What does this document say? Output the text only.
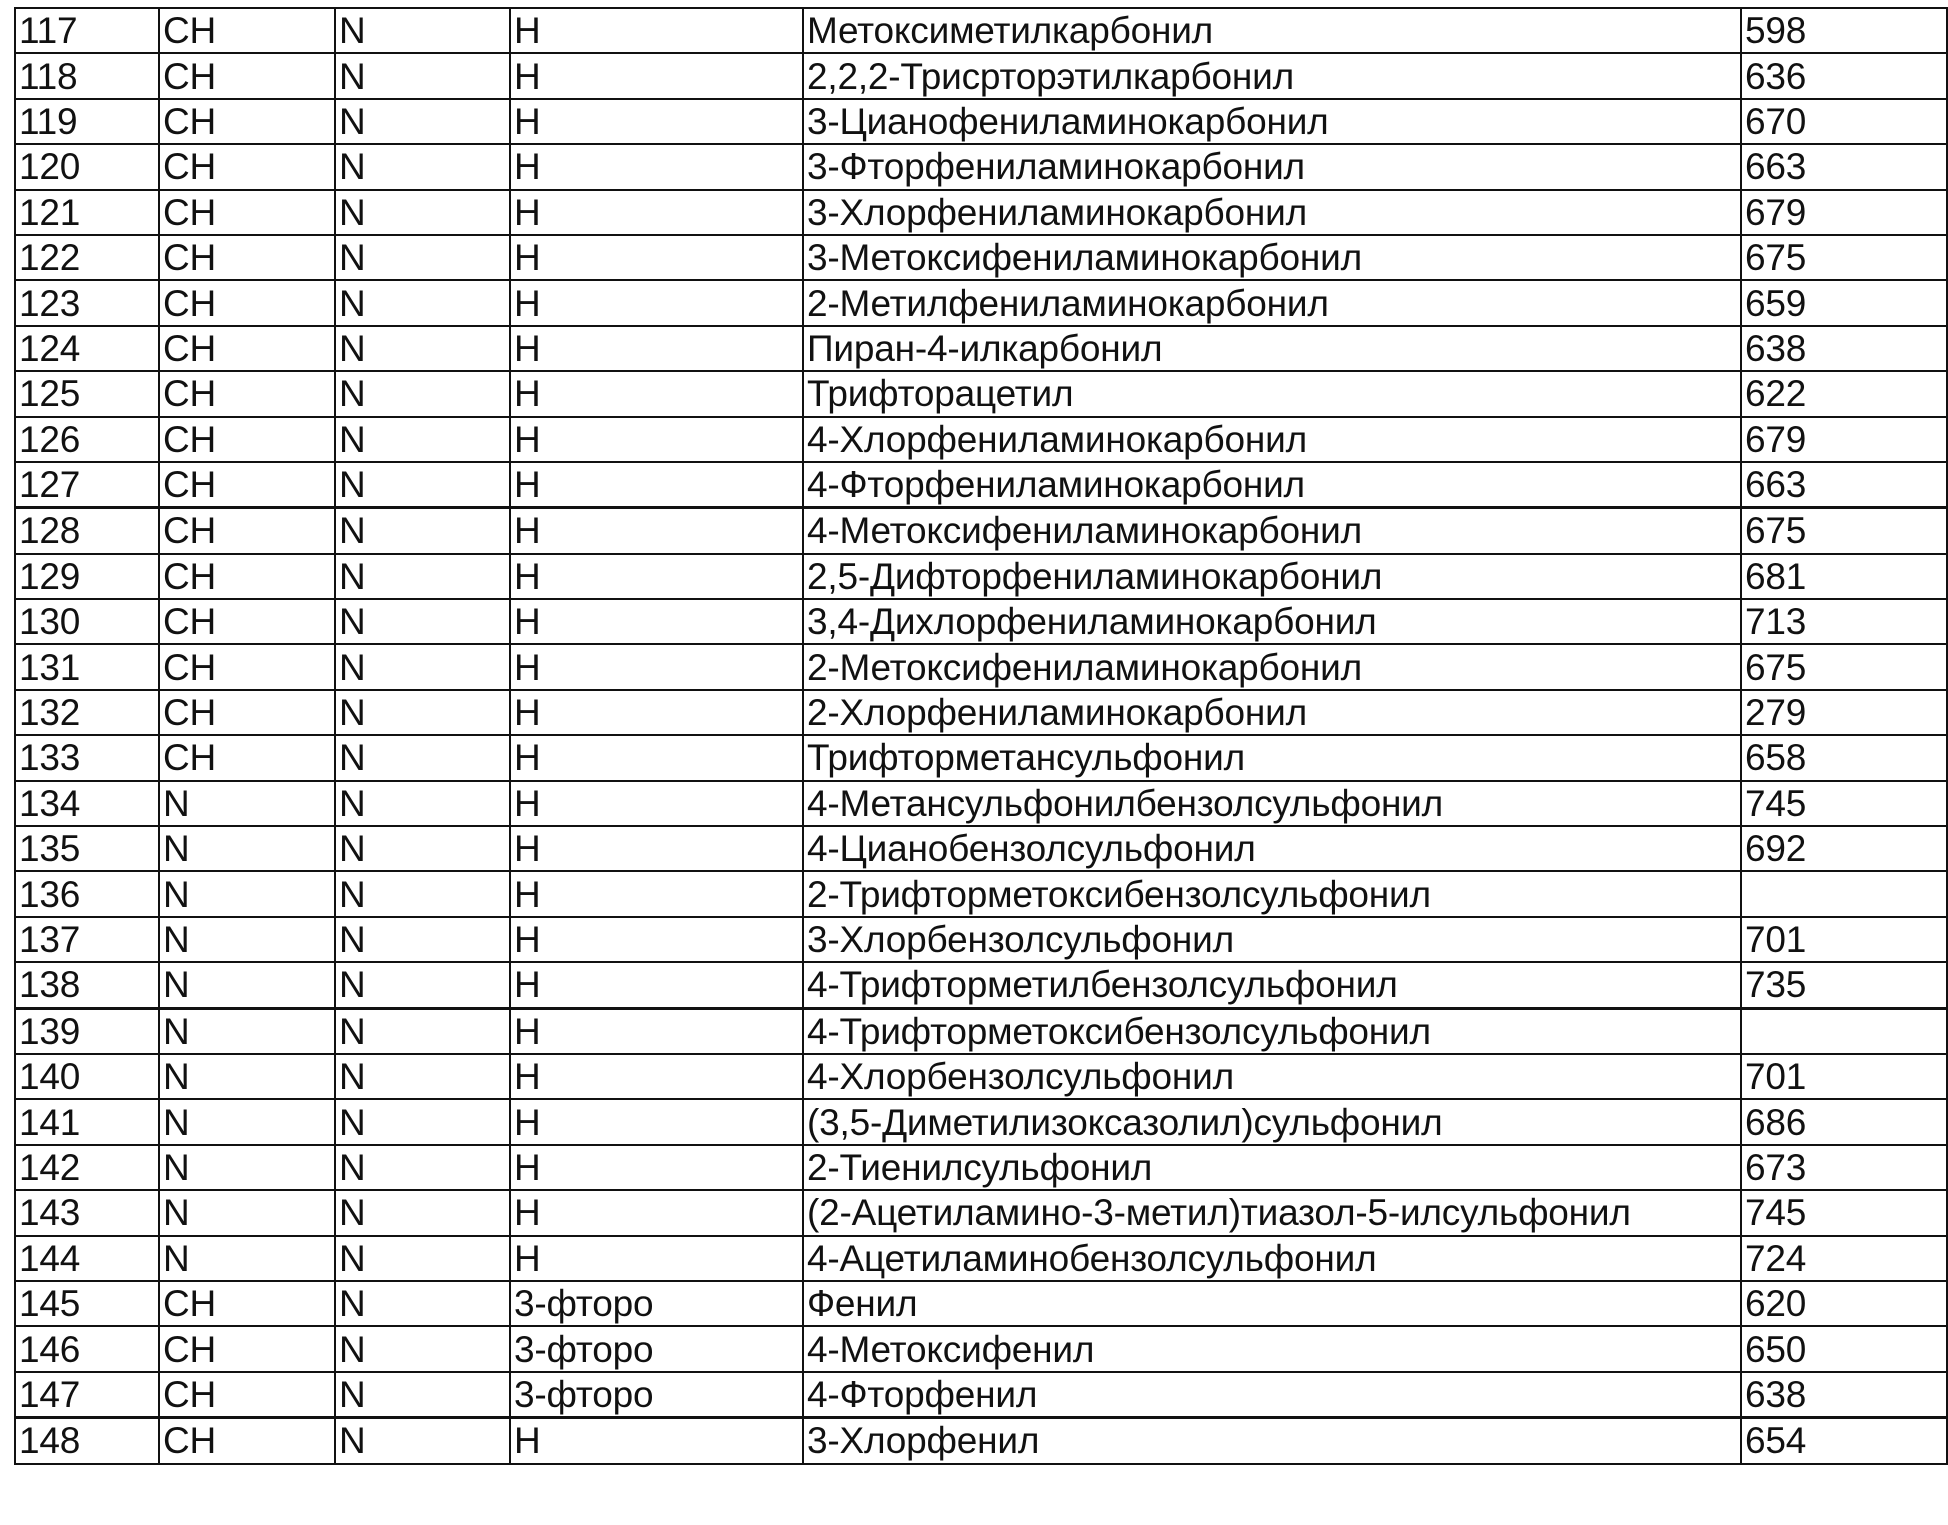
117	CH	N	H	Метоксиметилкарбонил	598
118	CH	N	H	2,2,2-Трисрторэтилкарбонил	636
119	CH	N	H	3-Цианофениламинокарбонил	670
120	CH	N	H	3-Фторфениламинокарбонил	663
121	CH	N	H	3-Хлорфениламинокарбонил	679
122	CH	N	H	3-Метоксифениламинокарбонил	675
123	CH	N	H	2-Метилфениламинокарбонил	659
124	CH	N	H	Пиран-4-илкарбонил	638
125	CH	N	H	Трифторацетил	622
126	CH	N	H	4-Хлорфениламинокарбонил	679
127	CH	N	H	4-Фторфениламинокарбонил	663
128	CH	N	H	4-Метоксифениламинокарбонил	675
129	CH	N	H	2,5-Дифторфениламинокарбонил	681
130	CH	N	H	3,4-Дихлорфениламинокарбонил	713
131	CH	N	H	2-Метоксифениламинокарбонил	675
132	CH	N	H	2-Хлорфениламинокарбонил	279
133	CH	N	H	Трифторметансульфонил	658
134	N	N	H	4-Метансульфонилбензолсульфонил	745
135	N	N	H	4-Цианобензолсульфонил	692
136	N	N	H	2-Трифторметоксибензолсульфонил	
137	N	N	H	3-Хлорбензолсульфонил	701
138	N	N	H	4-Трифторметилбензолсульфонил	735
139	N	N	H	4-Трифторметоксибензолсульфонил	
140	N	N	H	4-Хлорбензолсульфонил	701
141	N	N	H	(3,5-Диметилизоксазолил)сульфонил	686
142	N	N	H	2-Тиенилсульфонил	673
143	N	N	H	(2-Ацетиламино-3-метил)тиазол-5-илсульфонил	745
144	N	N	H	4-Ацетиламинобензолсульфонил	724
145	CH	N	3-фторо	Фенил	620
146	CH	N	3-фторо	4-Метоксифенил	650
147	CH	N	3-фторо	4-Фторфенил	638
148	CH	N	H	3-Хлорфенил	654
